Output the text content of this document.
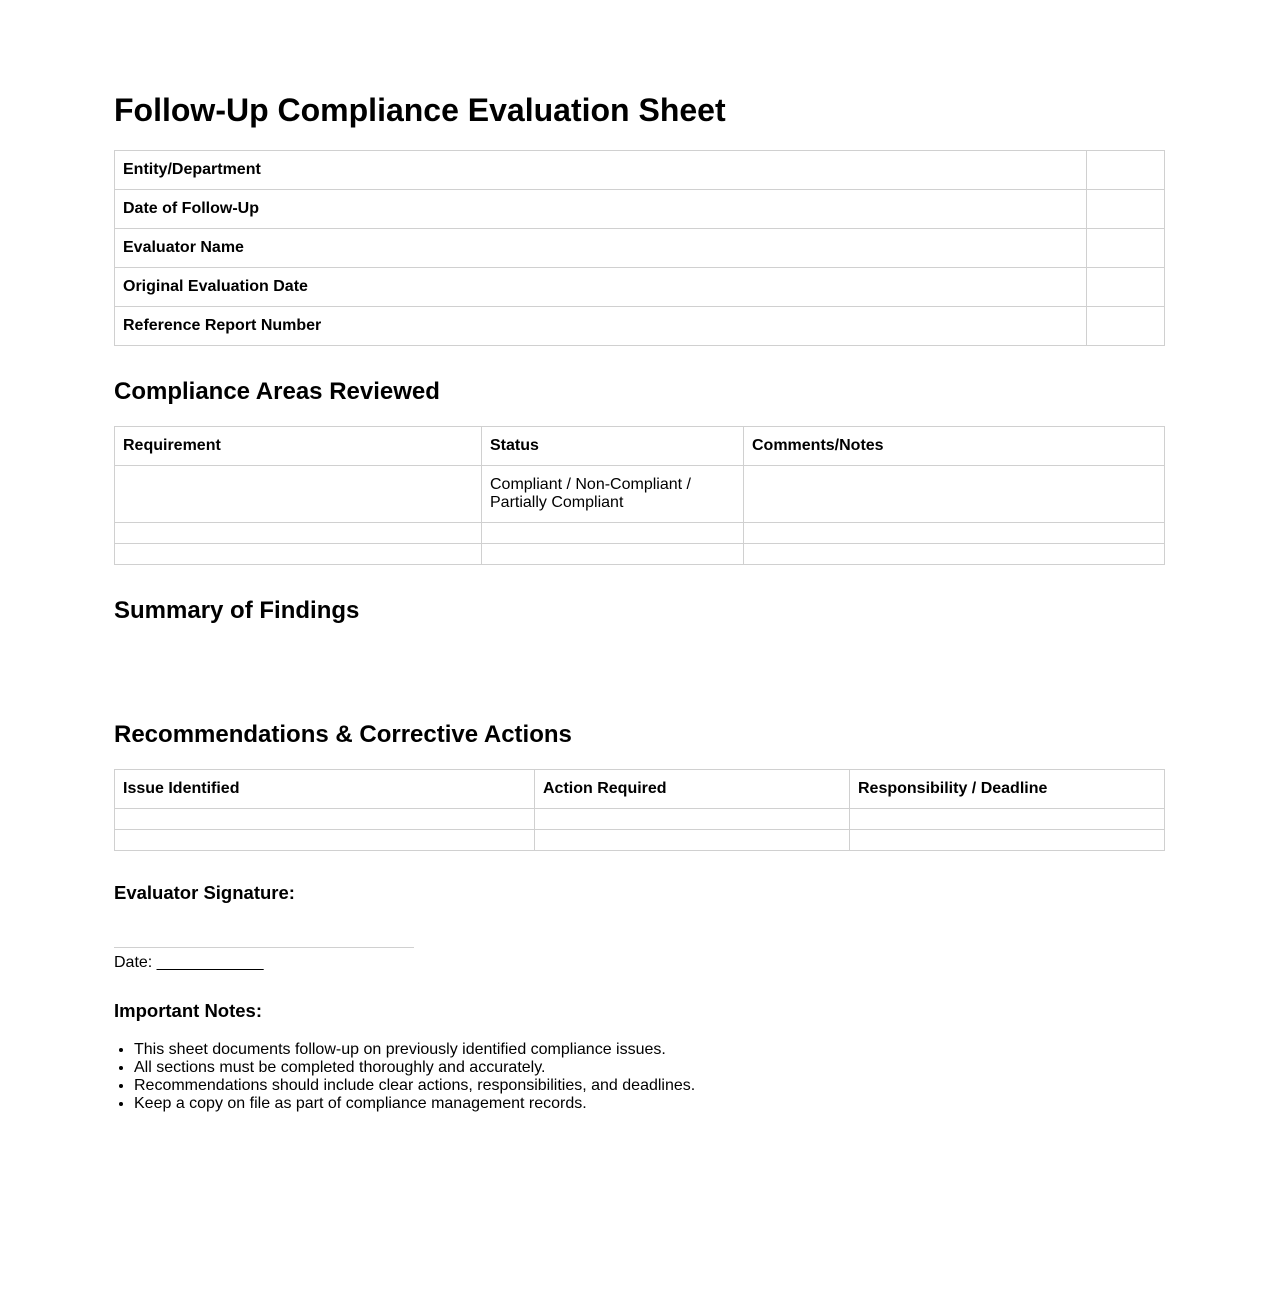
Follow-Up Compliance Evaluation Sheet
Entity/Department	
Date of Follow-Up	
Evaluator Name	
Original Evaluation Date	
Reference Report Number	
Compliance Areas Reviewed
Requirement	Status	Comments/Notes
	Compliant / Non-Compliant / Partially Compliant	

Summary of Findings
Recommendations & Corrective Actions
Issue Identified	Action Required	Responsibility / Deadline

Evaluator Signature:
Date: ____________
Important Notes:
• This sheet documents follow-up on previously identified compliance issues.
• All sections must be completed thoroughly and accurately.
• Recommendations should include clear actions, responsibilities, and deadlines.
• Keep a copy on file as part of compliance management records.
